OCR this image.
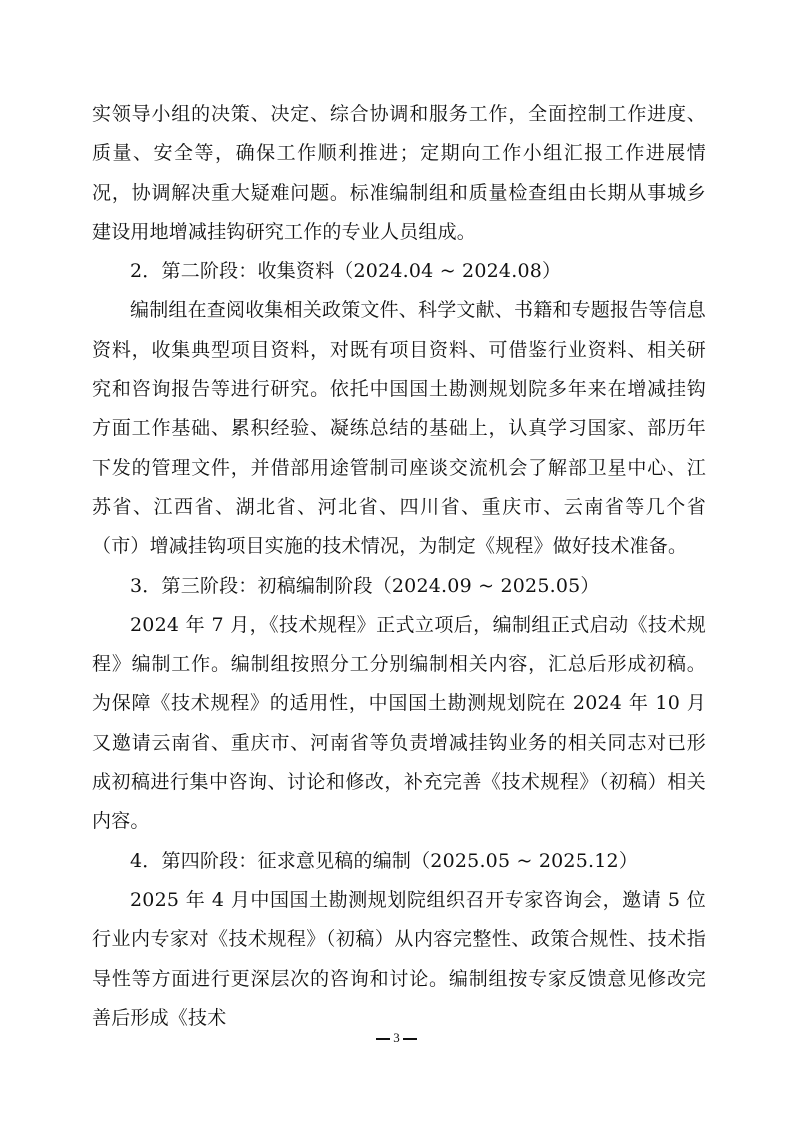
实领导小组的决策、决定、综合协调和服务工作，全面控制工作进度、质量、安全等，确保工作顺利推进；定期向工作小组汇报工作进展情况，协调解决重大疑难问题。标准编制组和质量检查组由长期从事城乡建设用地增减挂钩研究工作的专业人员组成。

2．第二阶段：收集资料（2024.04 ~ 2024.08）

编制组在查阅收集相关政策文件、科学文献、书籍和专题报告等信息资料，收集典型项目资料，对既有项目资料、可借鉴行业资料、相关研究和咨询报告等进行研究。依托中国国土勘测规划院多年来在增减挂钩方面工作基础、累积经验、凝练总结的基础上，认真学习国家、部历年下发的管理文件，并借部用途管制司座谈交流机会了解部卫星中心、江苏省、江西省、湖北省、河北省、四川省、重庆市、云南省等几个省（市）增减挂钩项目实施的技术情况，为制定《规程》做好技术准备。

3．第三阶段：初稿编制阶段（2024.09 ~ 2025.05）

2024 年 7 月，《技术规程》正式立项后，编制组正式启动《技术规程》编制工作。编制组按照分工分别编制相关内容，汇总后形成初稿。为保障《技术规程》的适用性，中国国土勘测规划院在 2024 年 10 月又邀请云南省、重庆市、河南省等负责增减挂钩业务的相关同志对已形成初稿进行集中咨询、讨论和修改，补充完善《技术规程》（初稿）相关内容。

4．第四阶段：征求意见稿的编制（2025.05 ~ 2025.12）

2025 年 4 月中国国土勘测规划院组织召开专家咨询会，邀请 5 位行业内专家对《技术规程》（初稿）从内容完整性、政策合规性、技术指导性等方面进行更深层次的咨询和讨论。编制组按专家反馈意见修改完善后形成《技术

3
